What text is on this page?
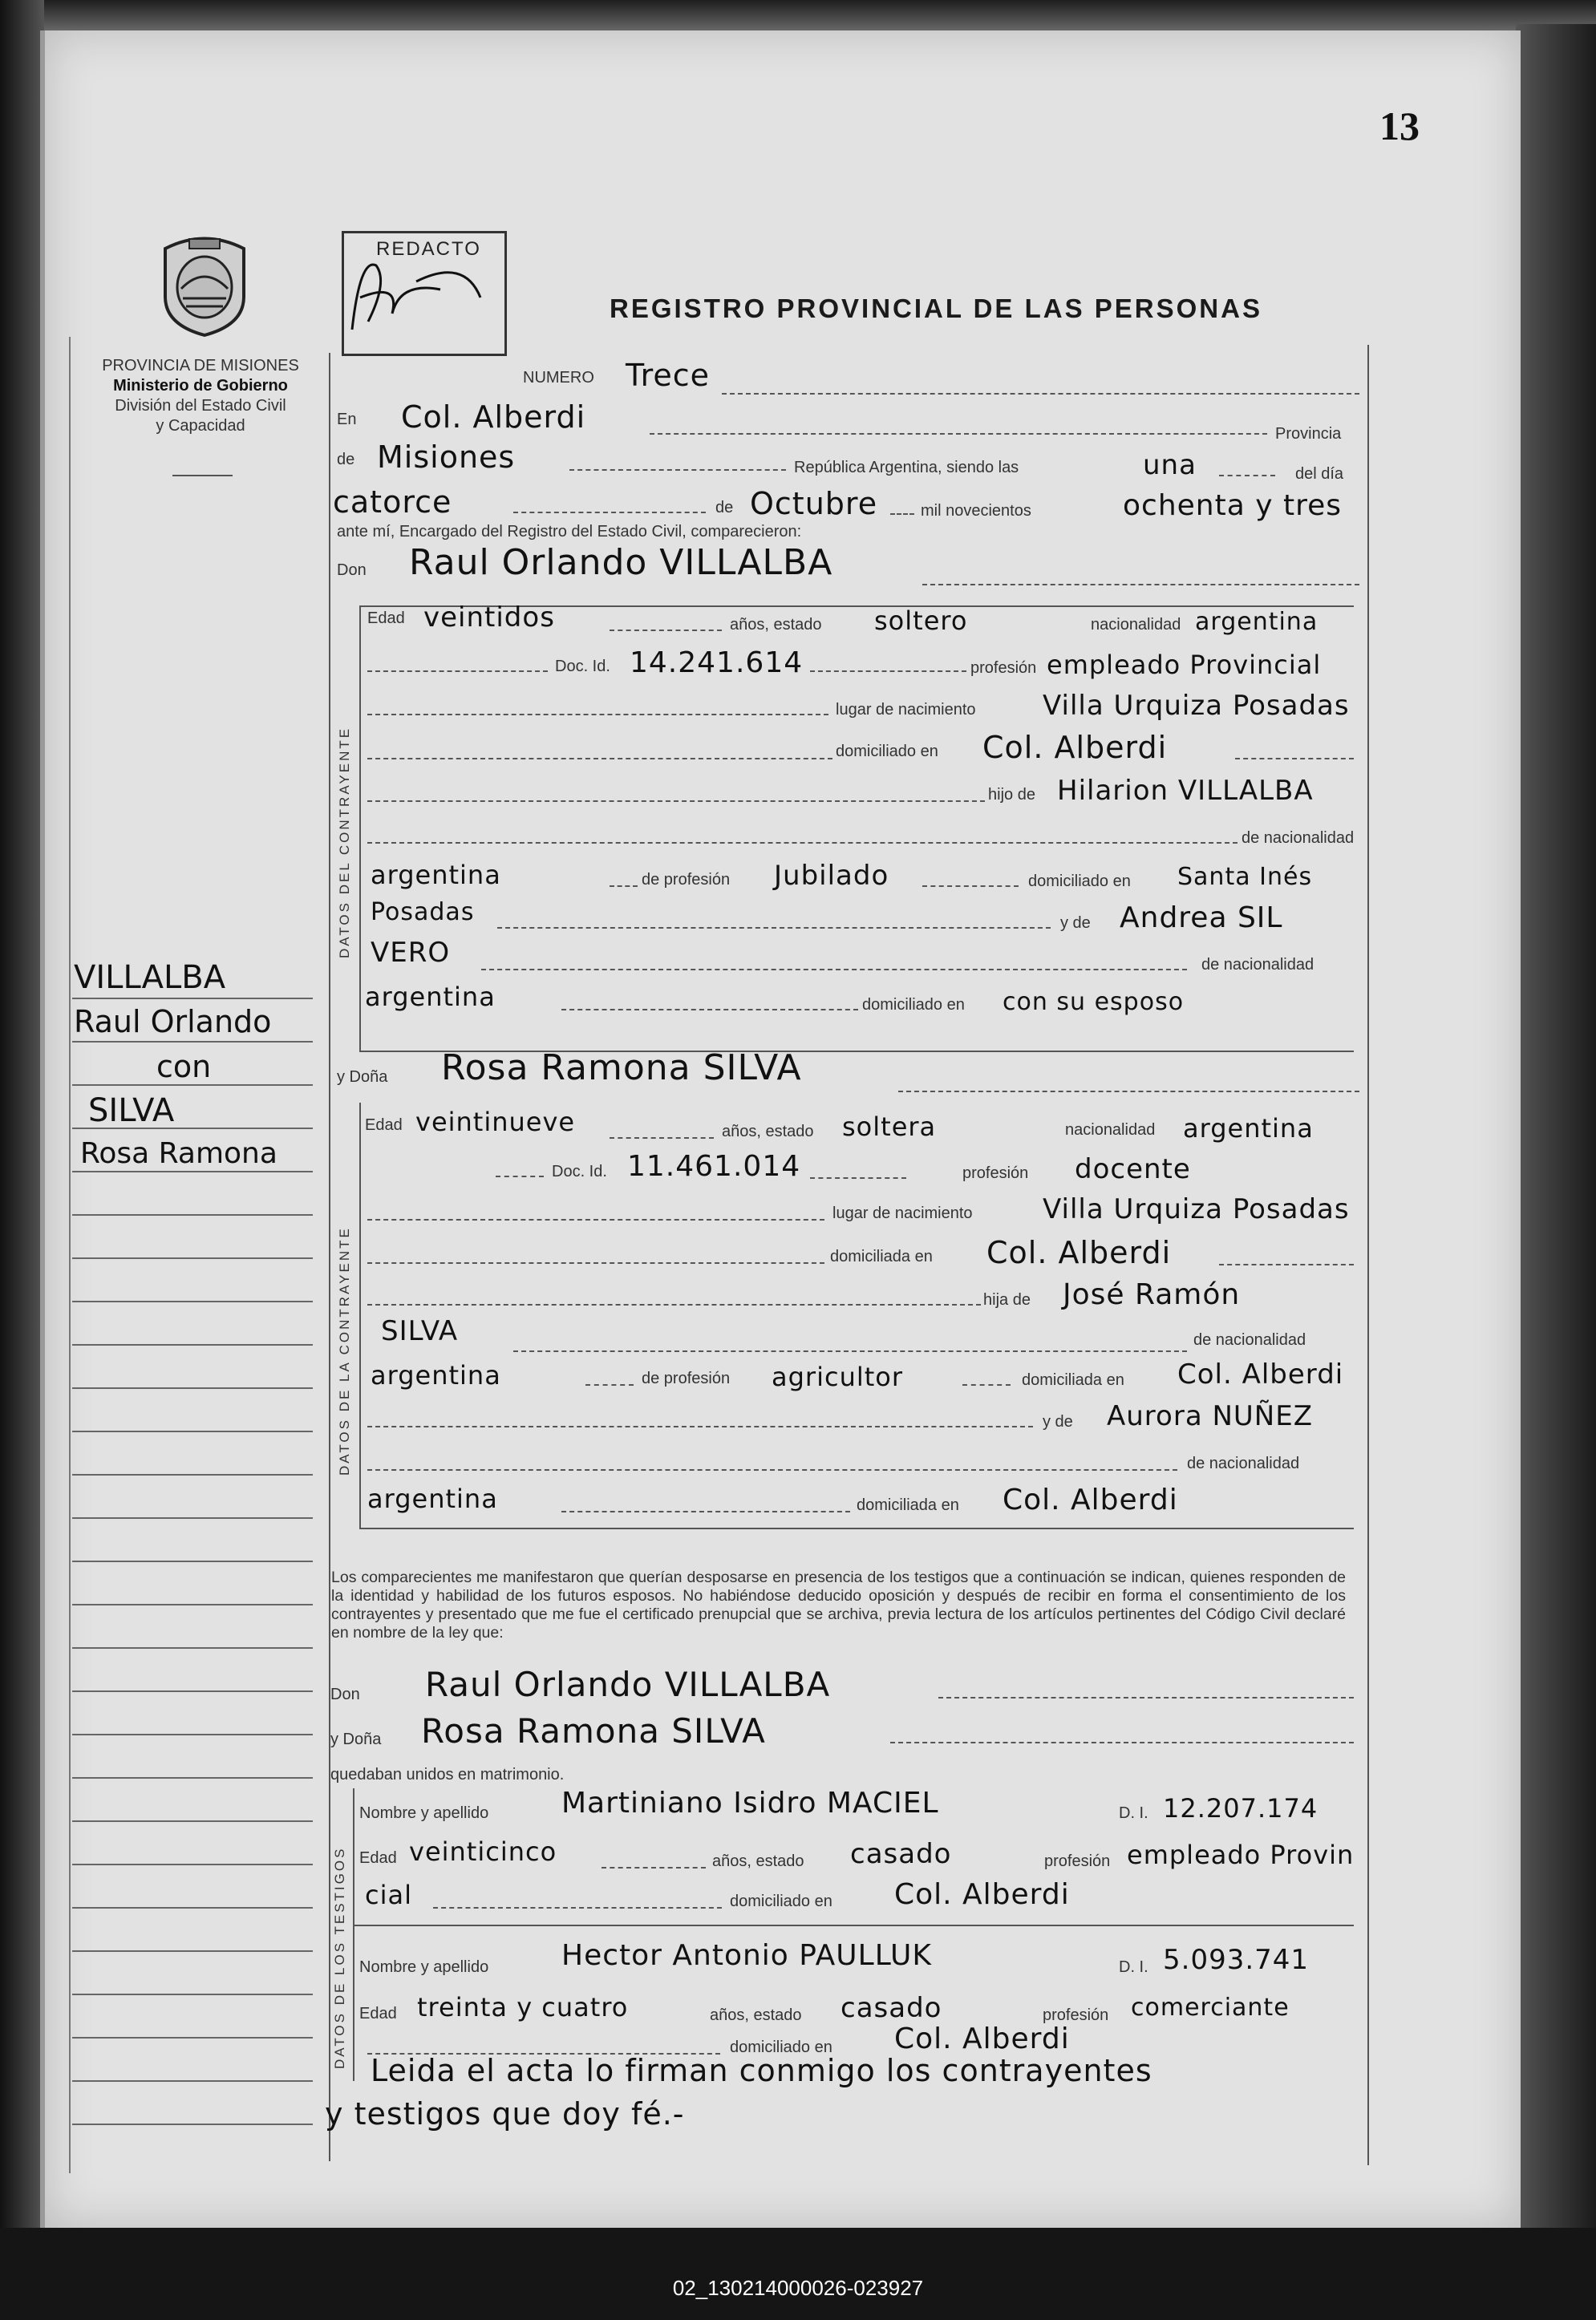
02_130214000026-023927
13
PROVINCIA DE MISIONES
Ministerio de Gobierno
División del Estado Civil
y Capacidad
REDACTO
REGISTRO PROVINCIAL DE LAS PERSONAS
NUMERO Trece
En Col. Alberdi	Provincia
de Misiones	República Argentina, siendo las	una	del día
catorce	de Octubre	mil novecientos	ochenta y tres
ante mí, Encargado del Registro del Estado Civil, comparecieron:
Don Raul Orlando VILLALBA
DATOS DEL CONTRAYENTE
Edad veintidos	años, estado soltero	nacionalidad argentina
Doc. Id. 14.241.614	profesión empleado Provincial
lugar de nacimiento Villa Urquiza Posadas
domiciliado en Col. Alberdi
hijo de Hilarion VILLALBA
de nacionalidad
argentina	de profesión Jubilado	domiciliado en Santa Inés
Posadas	y de Andrea SIL
VERO	de nacionalidad
argentina	domiciliado en con su esposo
y Doña Rosa Ramona SILVA
DATOS DE LA CONTRAYENTE
Edad veintinueve	años, estado soltera	nacionalidad argentina
Doc. Id. 11.461.014	profesión docente
lugar de nacimiento	Villa Urquiza Posadas
domiciliada en Col. Alberdi
hija de José Ramón
SILVA	de nacionalidad
argentina	de profesión agricultor	domiciliada en Col. Alberdi
y de Aurora NUÑEZ
de nacionalidad
argentina	domiciliada en Col. Alberdi
Los comparecientes me manifestaron que querían desposarse en presencia de los testigos que a continuación se indican, quienes responden de la identidad y habilidad de los futuros esposos. No habiéndose deducido oposición y después de recibir en forma el consentimiento de los contrayentes y presentado que me fue el certificado prenupcial que se archiva, previa lectura de los artículos pertinentes del Código Civil declaré en nombre de la ley que:
Don Raul Orlando VILLALBA
y Doña Rosa Ramona SILVA
quedaban unidos en matrimonio.
DATOS DE LOS TESTIGOS
Nombre y apellido	Martiniano Isidro MACIEL	D. I. 12.207.174
Edad veinticinco	años, estado casado	profesión empleado Provin
cial	domiciliado en Col. Alberdi
Nombre y apellido	Hector Antonio PAULLUK	D. I. 5.093.741
Edad treinta y cuatro	años, estado casado	profesión comerciante
domiciliado en Col. Alberdi
Leida el acta lo firman conmigo los contrayentes
y testigos que doy fé.-
VILLALBA
Raul Orlando
con
SILVA
Rosa Ramona
